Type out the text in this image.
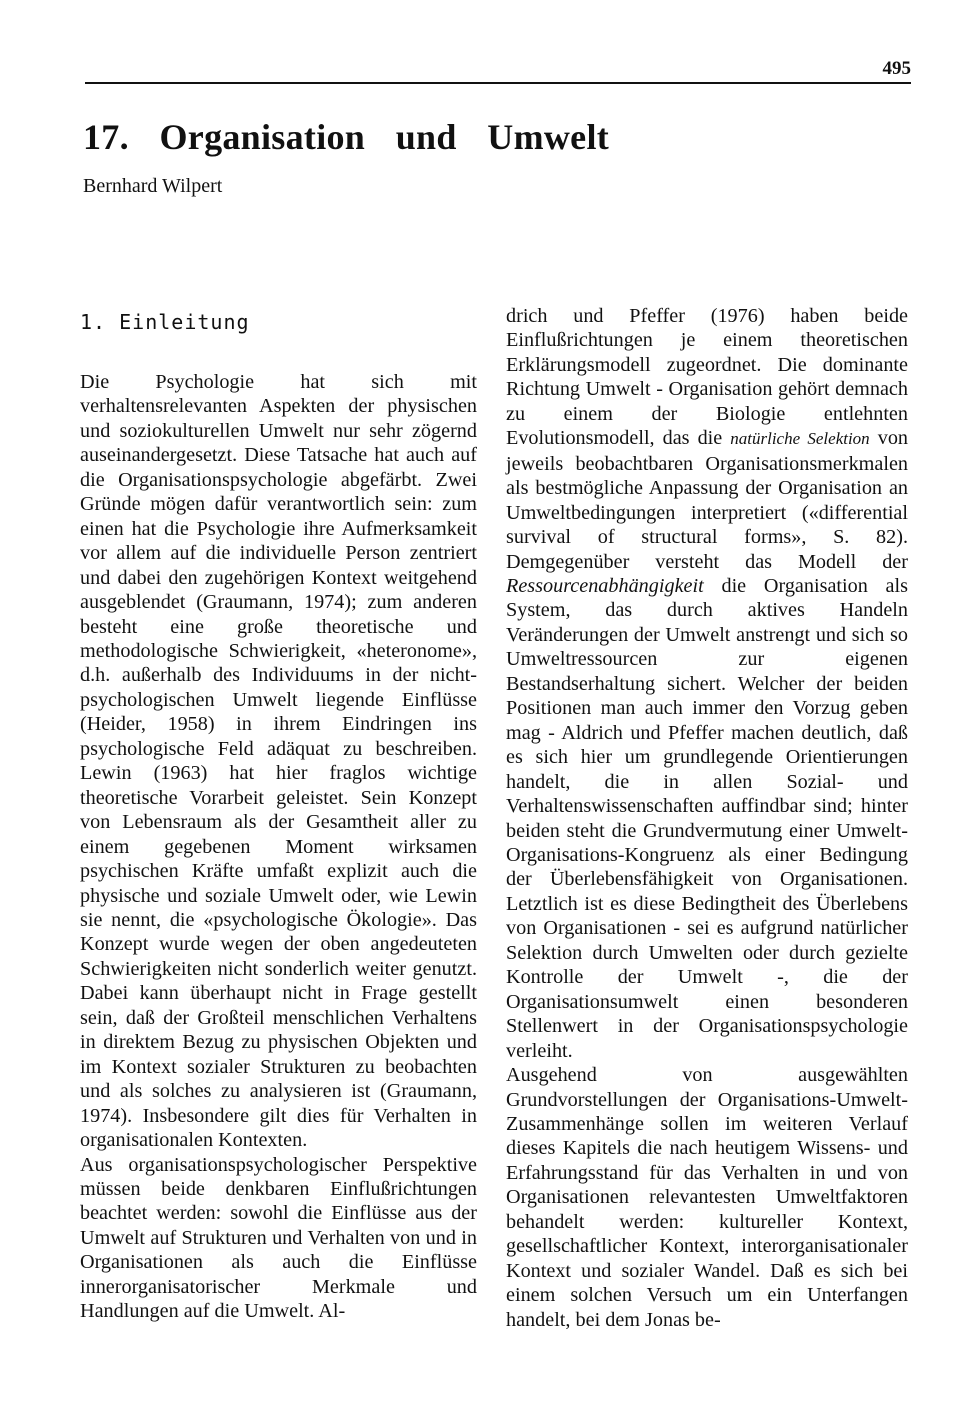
495
17.  Organisation  und  Umwelt
Bernhard Wilpert
1. Einleitung

Die Psychologie hat sich mit verhaltensrelevanten Aspekten der physischen und soziokulturellen Umwelt nur sehr zögernd auseinandergesetzt. Diese Tatsache hat auch auf die Organisationspsychologie abgefärbt. Zwei Gründe mögen dafür verantwortlich sein: zum einen hat die Psychologie ihre Aufmerksamkeit vor allem auf die individuelle Person zentriert und dabei den zugehörigen Kontext weitgehend ausgeblendet (Graumann, 1974); zum anderen besteht eine große theoretische und methodologische Schwierigkeit, «heteronome», d.h. außerhalb des Individuums in der nicht-psychologischen Umwelt liegende Einflüsse (Heider, 1958) in ihrem Eindringen ins psychologische Feld adäquat zu beschreiben. Lewin (1963) hat hier fraglos wichtige theoretische Vorarbeit geleistet. Sein Konzept von Lebensraum als der Gesamtheit aller zu einem gegebenen Moment wirksamen psychischen Kräfte umfaßt explizit auch die physische und soziale Umwelt oder, wie Lewin sie nennt, die «psychologische Ökologie». Das Konzept wurde wegen der oben angedeuteten Schwierigkeiten nicht sonderlich weiter genutzt. Dabei kann überhaupt nicht in Frage gestellt sein, daß der Großteil menschlichen Verhaltens in direktem Bezug zu physischen Objekten und im Kontext sozialer Strukturen zu beobachten und als solches zu analysieren ist (Graumann, 1974). Insbesondere gilt dies für Verhalten in organisationalen Kontexten.

Aus organisationspsychologischer Perspektive müssen beide denkbaren Einflußrichtungen beachtet werden: sowohl die Einflüsse aus der Umwelt auf Strukturen und Verhalten von und in Organisationen als auch die Einflüsse innerorganisatorischer Merkmale und Handlungen auf die Umwelt. Al-

drich und Pfeffer (1976) haben beide Einflußrichtungen je einem theoretischen Erklärungsmodell zugeordnet. Die dominante Richtung Umwelt - Organisation gehört demnach zu einem der Biologie entlehnten Evolutionsmodell, das die natürliche Selektion von jeweils beobachtbaren Organisationsmerkmalen als bestmögliche Anpassung der Organisation an Umweltbedingungen interpretiert («differential survival of structural forms», S. 82). Demgegenüber versteht das Modell der Ressourcenabhängigkeit die Organisation als System, das durch aktives Handeln Veränderungen der Umwelt anstrengt und sich so Umweltressourcen zur eigenen Bestandserhaltung sichert. Welcher der beiden Positionen man auch immer den Vorzug geben mag - Aldrich und Pfeffer machen deutlich, daß es sich hier um grundlegende Orientierungen handelt, die in allen Sozial- und Verhaltenswissenschaften auffindbar sind; hinter beiden steht die Grundvermutung einer Umwelt-Organisations-Kongruenz als einer Bedingung der Überlebensfähigkeit von Organisationen. Letztlich ist es diese Bedingtheit des Überlebens von Organisationen - sei es aufgrund natürlicher Selektion durch Umwelten oder durch gezielte Kontrolle der Umwelt -, die der Organisationsumwelt einen besonderen Stellenwert in der Organisationspsychologie verleiht.

Ausgehend von ausgewählten Grundvorstellungen der Organisations-Umwelt-Zusammenhänge sollen im weiteren Verlauf dieses Kapitels die nach heutigem Wissens- und Erfahrungsstand für das Verhalten in und von Organisationen relevantesten Umweltfaktoren behandelt werden: kultureller Kontext, gesellschaftlicher Kontext, interorganisationaler Kontext und sozialer Wandel. Daß es sich bei einem solchen Versuch um ein Unterfangen handelt, bei dem Jonas be-
